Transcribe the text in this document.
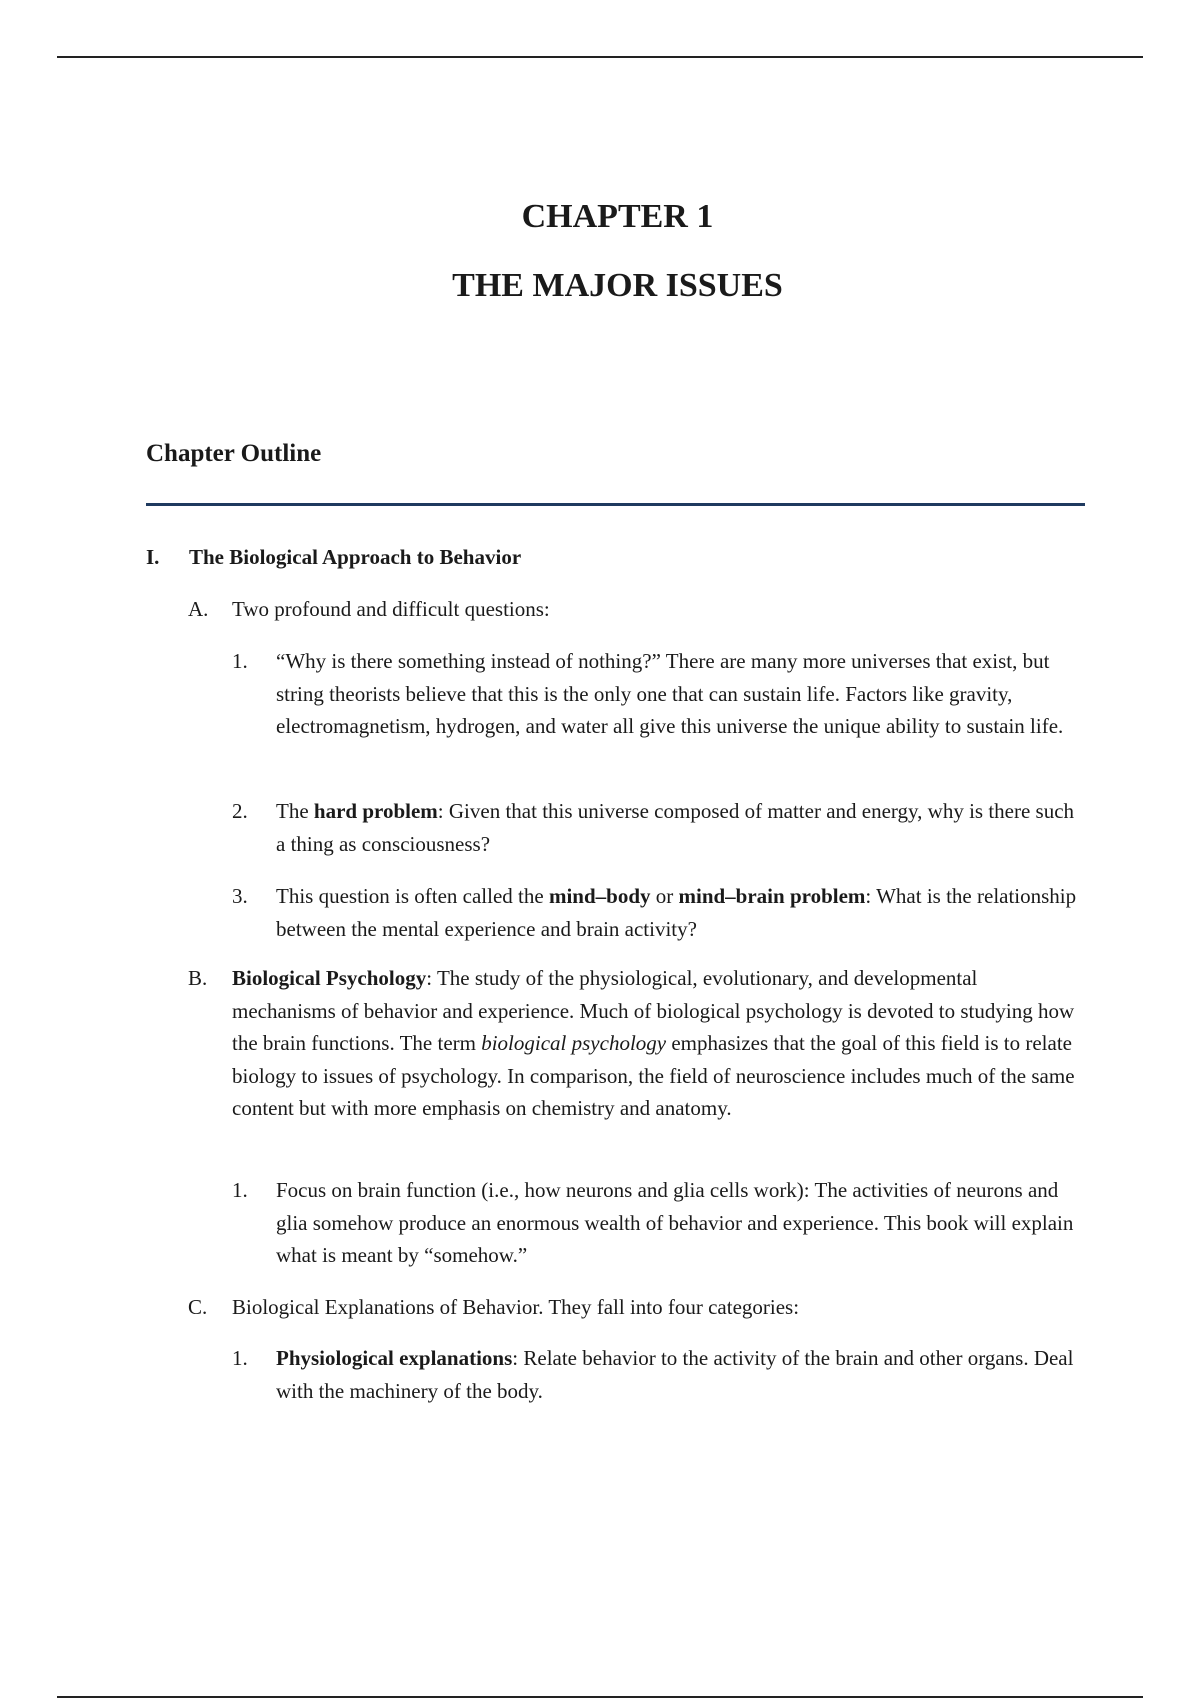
CHAPTER 1
THE MAJOR ISSUES
Chapter Outline
I. The Biological Approach to Behavior
A. Two profound and difficult questions:
1. “Why is there something instead of nothing?” There are many more universes that exist, but string theorists believe that this is the only one that can sustain life. Factors like gravity, electromagnetism, hydrogen, and water all give this universe the unique ability to sustain life.
2. The hard problem: Given that this universe composed of matter and energy, why is there such a thing as consciousness?
3. This question is often called the mind–body or mind–brain problem: What is the relationship between the mental experience and brain activity?
B. Biological Psychology: The study of the physiological, evolutionary, and developmental mechanisms of behavior and experience. Much of biological psychology is devoted to studying how the brain functions. The term biological psychology emphasizes that the goal of this field is to relate biology to issues of psychology. In comparison, the field of neuroscience includes much of the same content but with more emphasis on chemistry and anatomy.
1. Focus on brain function (i.e., how neurons and glia cells work): The activities of neurons and glia somehow produce an enormous wealth of behavior and experience. This book will explain what is meant by “somehow.”
C. Biological Explanations of Behavior. They fall into four categories:
1. Physiological explanations: Relate behavior to the activity of the brain and other organs. Deal with the machinery of the body.
